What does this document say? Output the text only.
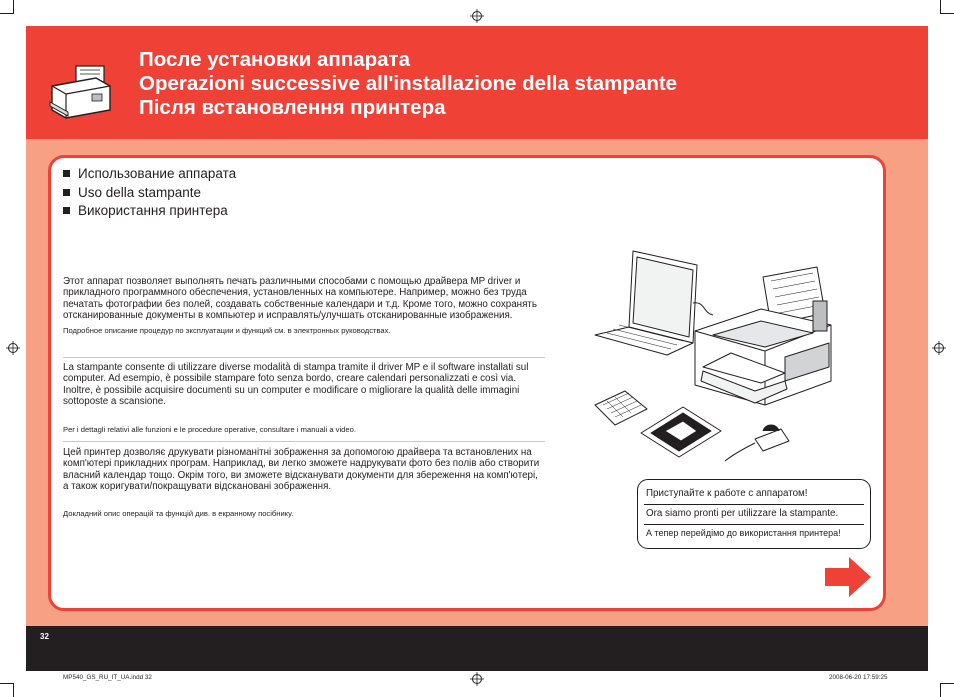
После установки аппарата
Operazioni successive all'installazione della stampante
Після встановлення принтера
Использование аппарата
Uso della stampante
Використання принтера

Этот аппарат позволяет выполнять печать различными способами с помощью драйвера MP driver и прикладного программного обеспечения, установленных на компьютере. Например, можно без труда печатать фотографии без полей, создавать собственные календари и т.д. Кроме того, можно сохранять отсканированные документы в компьютер и исправлять/улучшать отсканированные изображения.

Подробное описание процедур по эксплуатации и функций см. в электронных руководствах.

La stampante consente di utilizzare diverse modalità di stampa tramite il driver MP e il software installati sul computer. Ad esempio, è possibile stampare foto senza bordo, creare calendari personalizzati e così via. Inoltre, è possibile acquisire documenti su un computer e modificare o migliorare la qualità delle immagini sottoposte a scansione.

Per i dettagli relativi alle funzioni e le procedure operative, consultare i manuali a video.

Цей принтер дозволяє друкувати різноманітні зображення за допомогою драйвера та встановлених на комп'ютері прикладних програм. Наприклад, ви легко зможете надрукувати фото без полів або створити власний календар тощо. Окрім того, ви зможете відсканувати документи для збереження на комп'ютері, а також коригувати/покращувати відскановані зображення.

Докладний опис операцій та функцій див. в екранному посібнику.

Приступайте к работе с аппаратом!
Ora siamo pronti per utilizzare la stampante.
А тепер перейдімо до використання принтера!
32
MP540_GS_RU_IT_UA.indd 32	2008-06-20 17:59:25
